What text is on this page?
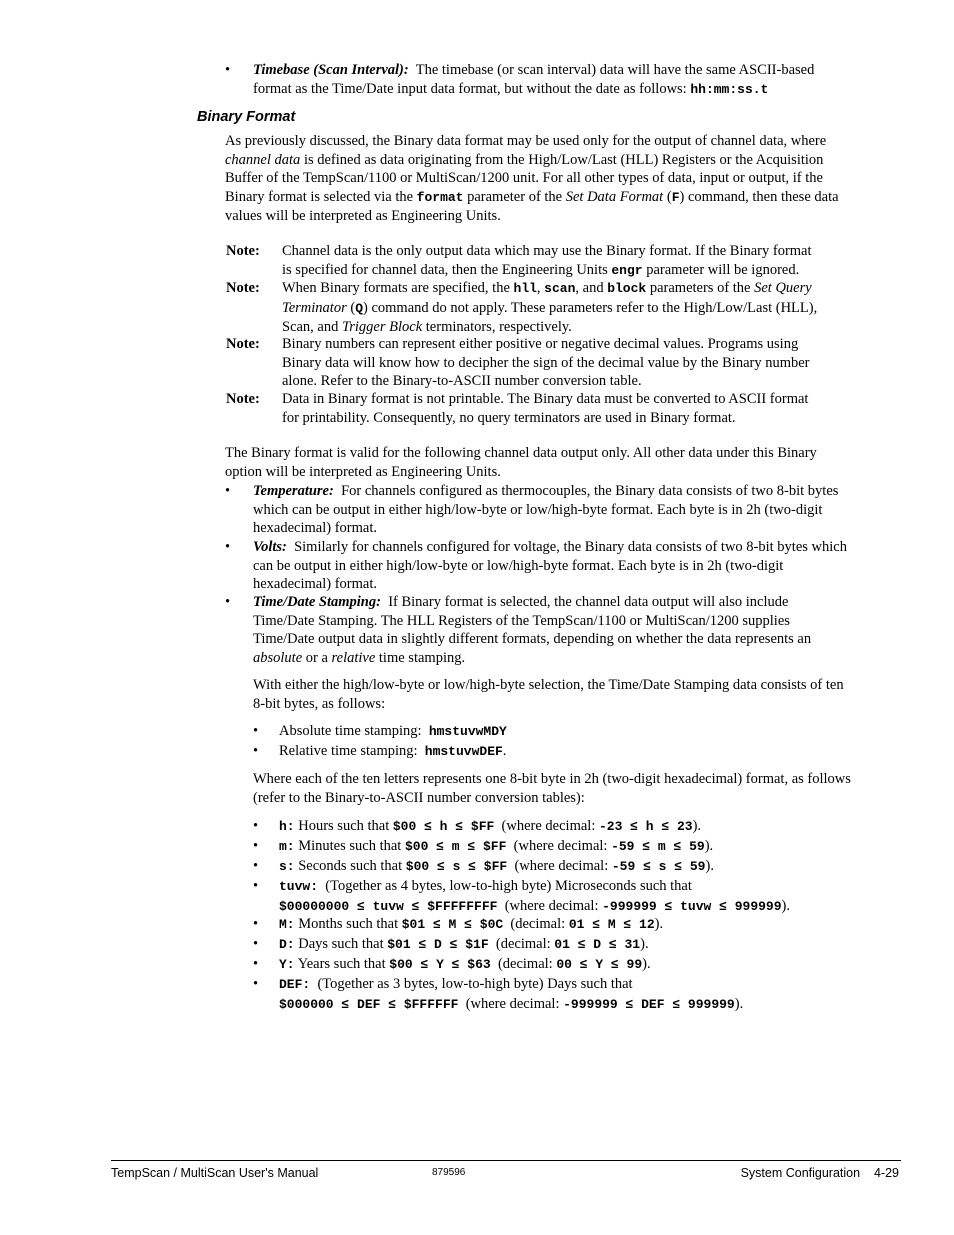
• Timebase (Scan Interval): The timebase (or scan interval) data will have the same ASCII-based

format as the Time/Date input data format, but without the date as follows: hh:mm:ss.t

Binary Format

As previously discussed, the Binary data format may be used only for the output of channel data, where

channel data is defined as data originating from the High/Low/Last (HLL) Registers or the Acquisition

Buffer of the TempScan/1100 or MultiScan/1200 unit. For all other types of data, input or output, if the

Binary format is selected via the format parameter of the Set Data Format (F) command, then these data

values will be interpreted as Engineering Units.

Note: Channel data is the only output data which may use the Binary format. If the Binary format

is specified for channel data, then the Engineering Units engr parameter will be ignored.

Note: When Binary formats are specified, the hll, scan, and block parameters of the Set Query

Terminator (Q) command do not apply. These parameters refer to the High/Low/Last (HLL),

Scan, and Trigger Block terminators, respectively.

Note: Binary numbers can represent either positive or negative decimal values. Programs using

Binary data will know how to decipher the sign of the decimal value by the Binary number

alone. Refer to the Binary-to-ASCII number conversion table.

Note: Data in Binary format is not printable. The Binary data must be converted to ASCII format

for printability. Consequently, no query terminators are used in Binary format.

The Binary format is valid for the following channel data output only. All other data under this Binary

option will be interpreted as Engineering Units.

• Temperature: For channels configured as thermocouples, the Binary data consists of two 8-bit bytes

which can be output in either high/low-byte or low/high-byte format. Each byte is in 2h (two-digit

hexadecimal) format.

• Volts: Similarly for channels configured for voltage, the Binary data consists of two 8-bit bytes which

can be output in either high/low-byte or low/high-byte format. Each byte is in 2h (two-digit

hexadecimal) format.

• Time/Date Stamping: If Binary format is selected, the channel data output will also include

Time/Date Stamping. The HLL Registers of the TempScan/1100 or MultiScan/1200 supplies

Time/Date output data in slightly different formats, depending on whether the data represents an

absolute or a relative time stamping.

With either the high/low-byte or low/high-byte selection, the Time/Date Stamping data consists of ten

8-bit bytes, as follows:

• Absolute time stamping:  hmstuvwMDY
• Relative time stamping:  hmstuvwDEF.

Where each of the ten letters represents one 8-bit byte in 2h (two-digit hexadecimal) format, as follows

(refer to the Binary-to-ASCII number conversion tables):

• h: Hours such that $00 ≤ h ≤ $FF  (where decimal: -23 ≤ h ≤ 23).
• m: Minutes such that $00 ≤ m ≤ $FF  (where decimal: -59 ≤ m ≤ 59).
• s: Seconds such that $00 ≤ s ≤ $FF  (where decimal: -59 ≤ s ≤ 59).
• tuvw:  (Together as 4 bytes, low-to-high byte) Microseconds such that

$00000000 ≤ tuvw ≤ $FFFFFFFF  (where decimal: -999999 ≤ tuvw ≤ 999999).

• M: Months such that $01 ≤ M ≤ $0C  (decimal: 01 ≤ M ≤ 12).
• D: Days such that $01 ≤ D ≤ $1F  (decimal: 01 ≤ D ≤ 31).
• Y: Years such that $00 ≤ Y ≤ $63  (decimal: 00 ≤ Y ≤ 99).
• DEF:  (Together as 3 bytes, low-to-high byte) Days such that

$000000 ≤ DEF ≤ $FFFFFF  (where decimal: -999999 ≤ DEF ≤ 999999).

TempScan / MultiScan User's Manual	879596	System Configuration    4-29
